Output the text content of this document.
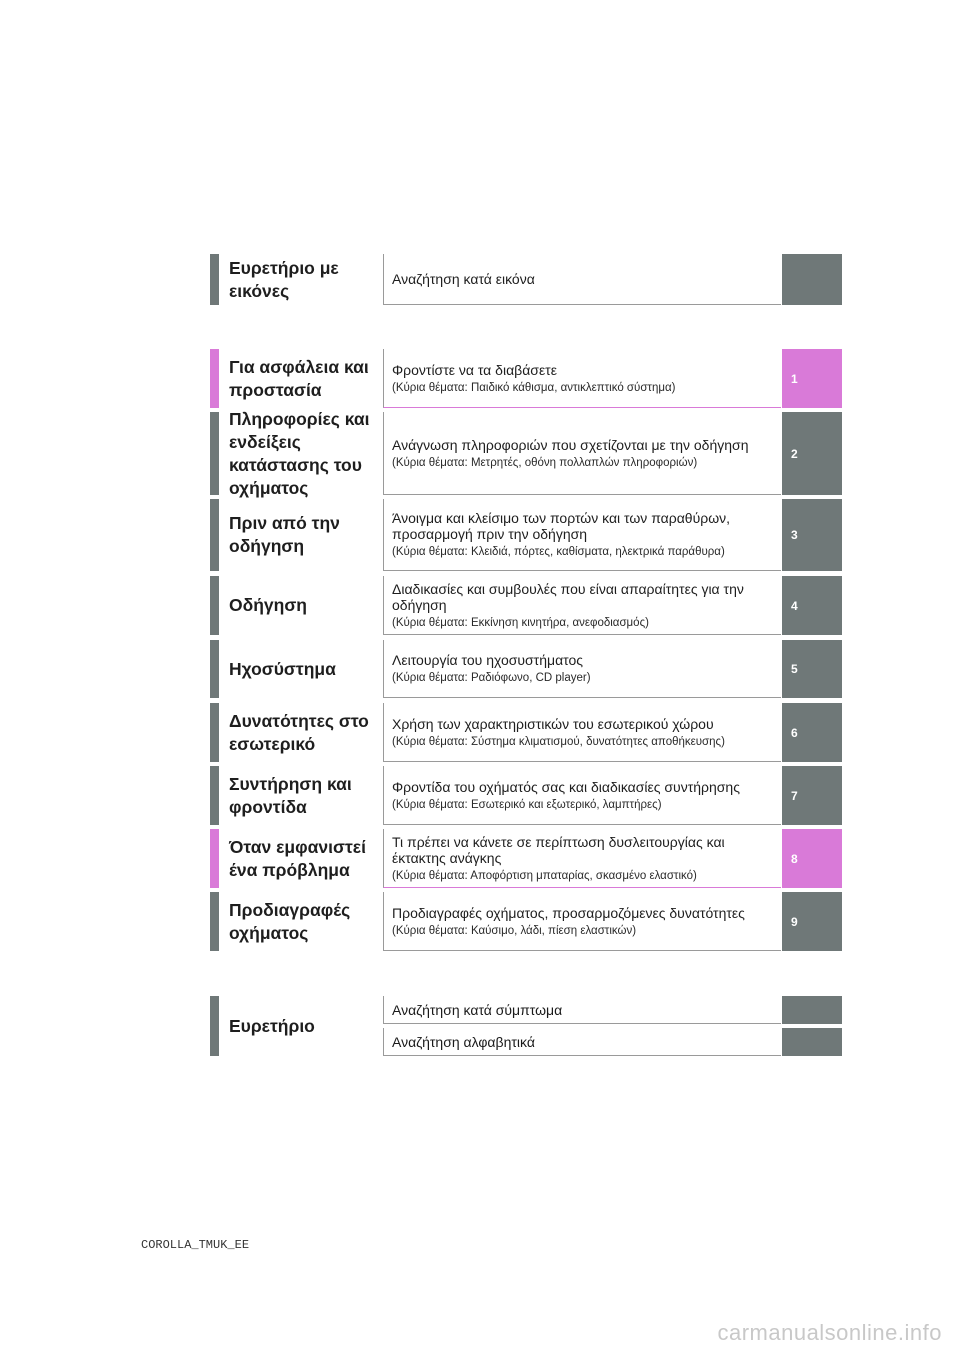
Ευρετήριο με εικόνες
Αναζήτηση κατά εικόνα
Για ασφάλεια και προστασία
Φροντίστε να τα διαβάσετε
(Κύρια θέματα: Παιδικό κάθισμα, αντικλεπτικό σύστημα)
1
Πληροφορίες και ενδείξεις κατάστασης του οχήματος
Ανάγνωση πληροφοριών που σχετίζονται με την οδήγηση
(Κύρια θέματα: Μετρητές, οθόνη πολλαπλών πληροφοριών)
2
Πριν από την οδήγηση
Άνοιγμα και κλείσιμο των πορτών και των παραθύρων, προσαρμογή πριν την οδήγηση
(Κύρια θέματα: Κλειδιά, πόρτες, καθίσματα, ηλεκτρικά παράθυρα)
3
Οδήγηση
Διαδικασίες και συμβουλές που είναι απαραίτητες για την οδήγηση
(Κύρια θέματα: Εκκίνηση κινητήρα, ανεφοδιασμός)
4
Ηχοσύστημα	Λειτουργία του ηχοσυστήματος
(Κύρια θέματα: Ραδιόφωνο, CD player)
5
Δυνατότητες στο εσωτερικό
Χρήση των χαρακτηριστικών του εσωτερικού χώρου
(Κύρια θέματα: Σύστημα κλιματισμού, δυνατότητες αποθήκευσης)
6
Συντήρηση και φροντίδα
Φροντίδα του οχήματός σας και διαδικασίες συντήρησης
(Κύρια θέματα: Εσωτερικό και εξωτερικό, λαμπτήρες)
7
Όταν εμφανιστεί ένα πρόβλημα
Τι πρέπει να κάνετε σε περίπτωση δυσλειτουργίας και έκτακτης ανάγκης
(Κύρια θέματα: Αποφόρτιση μπαταρίας, σκασμένο ελαστικό)
8
Προδιαγραφές οχήματος
Προδιαγραφές οχήματος, προσαρμοζόμενες δυνατότητες
(Κύρια θέματα: Καύσιμο, λάδι, πίεση ελαστικών)
9
Ευρετήριο
Αναζήτηση κατά σύμπτωμα
Αναζήτηση αλφαβητικά
COROLLA_TMUK_EE
carmanualsonline.info
